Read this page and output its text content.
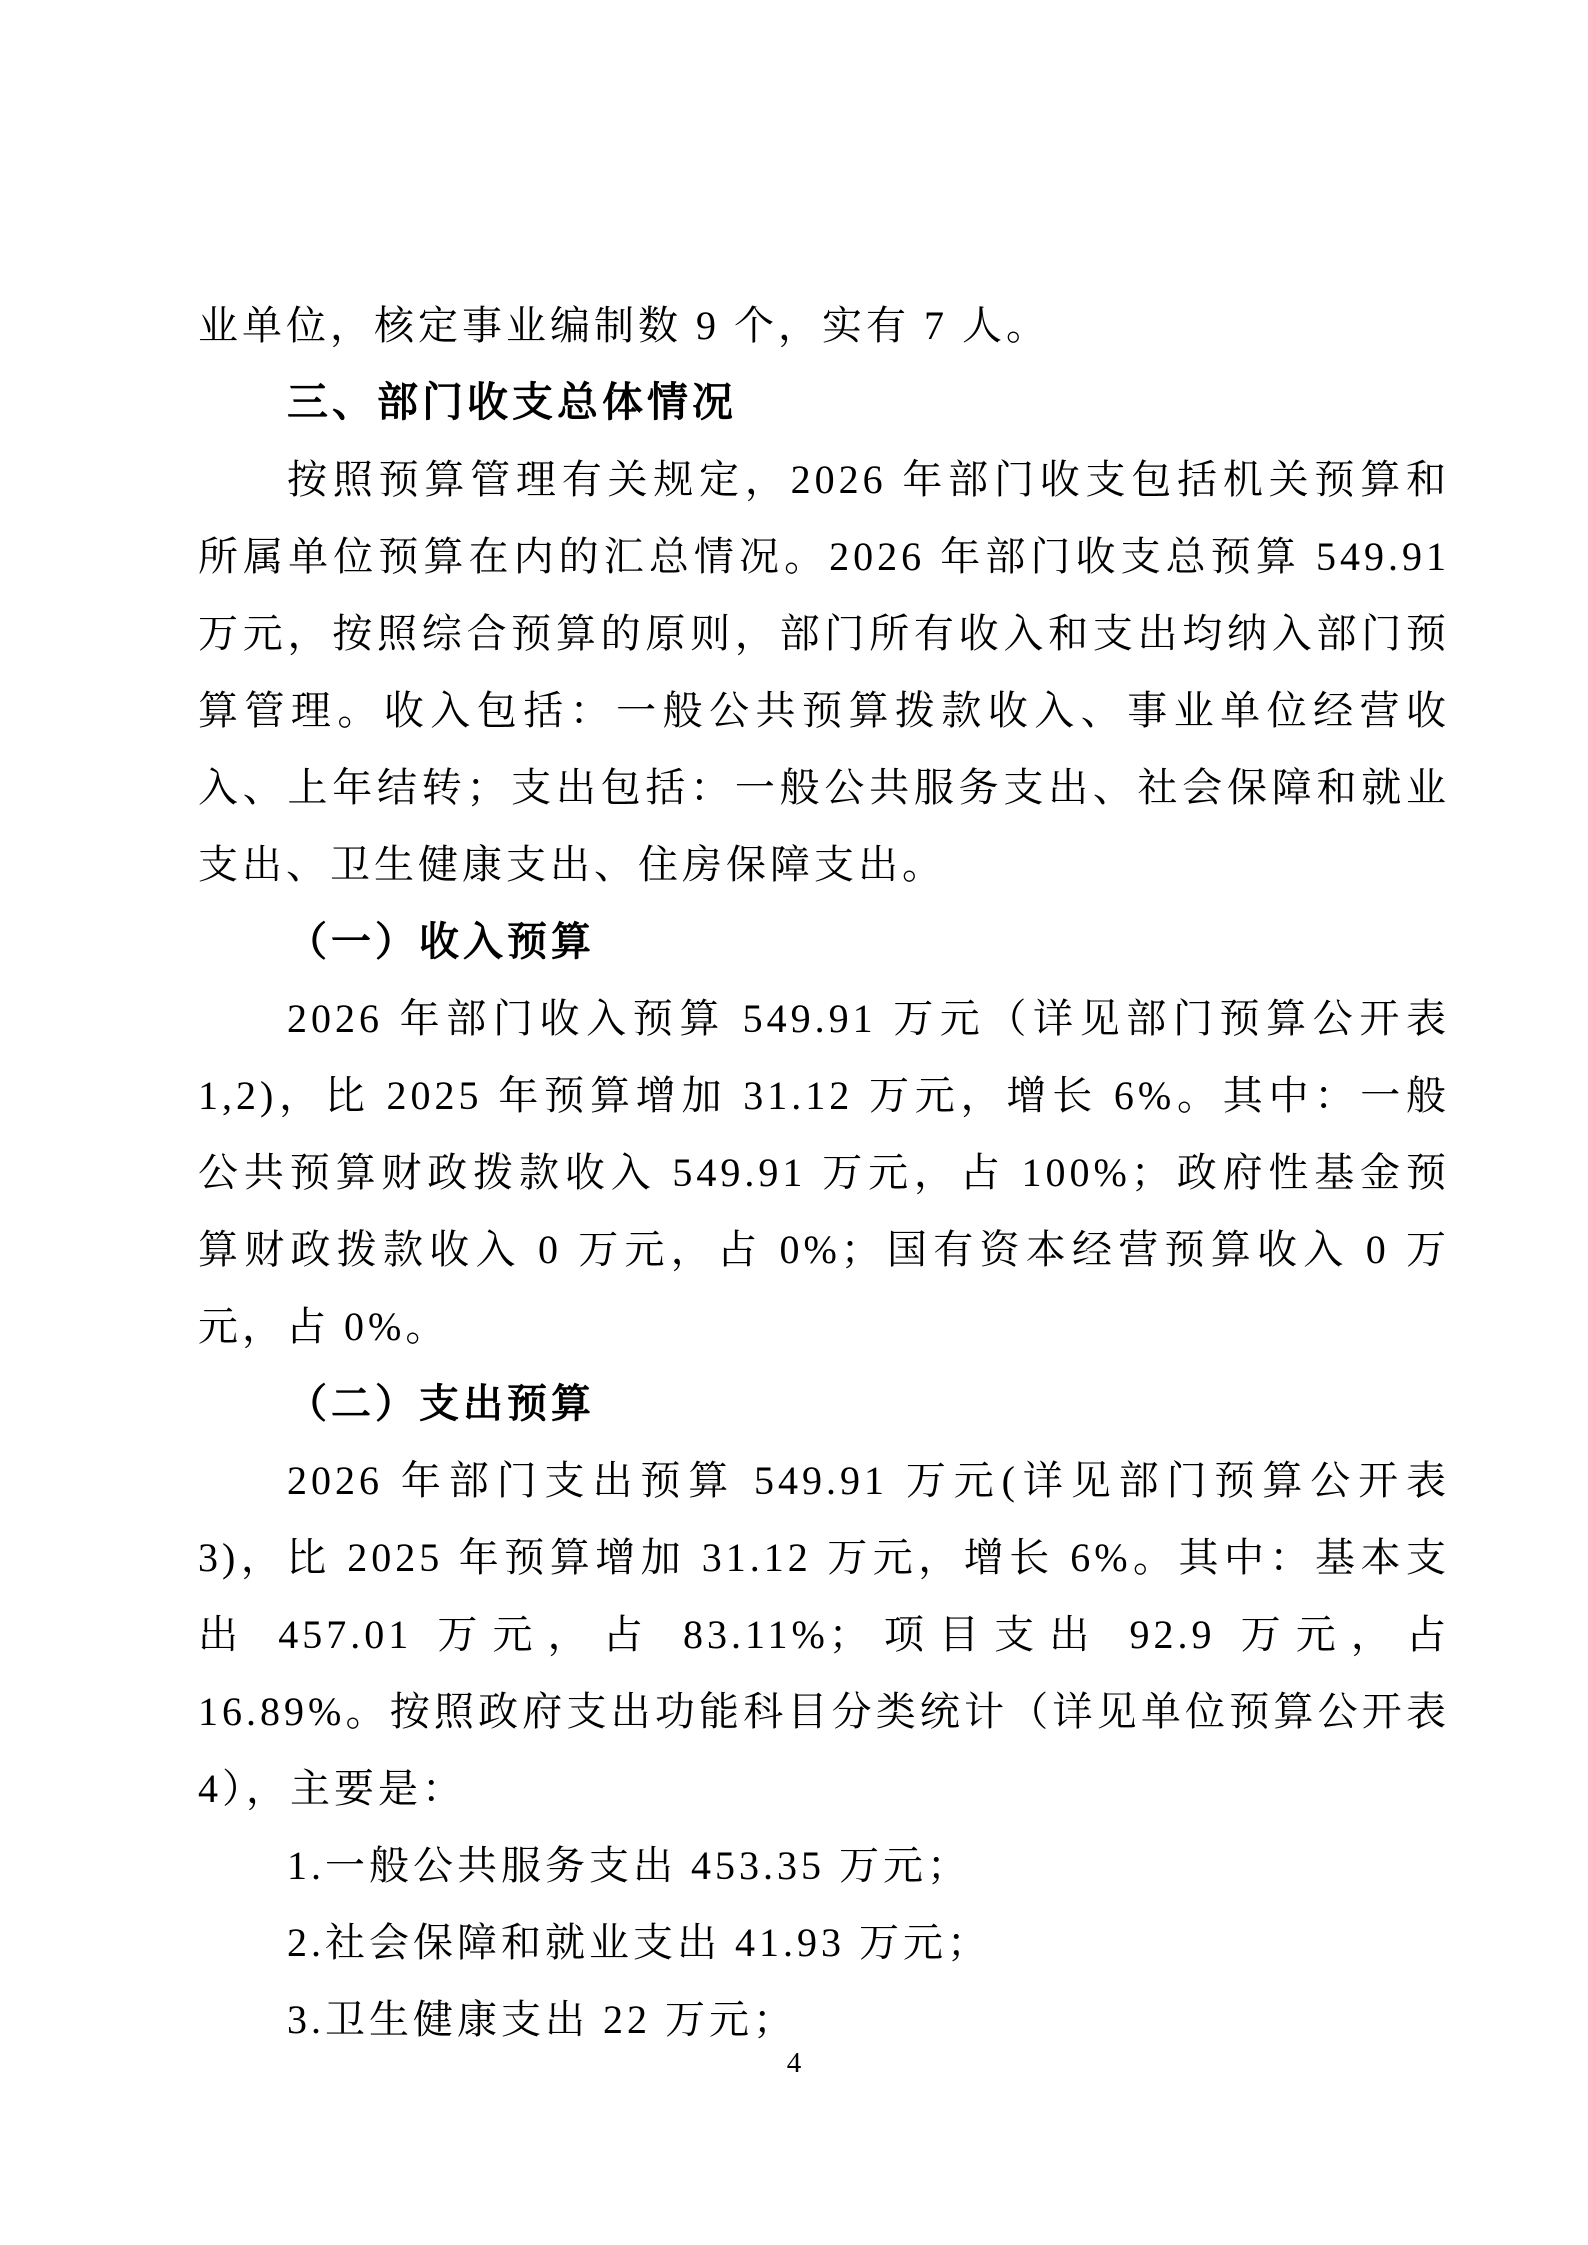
业单位，核定事业编制数 9 个，实有 7 人。

三、部门收支总体情况

按照预算管理有关规定，2026 年部门收支包括机关预算和所属单位预算在内的汇总情况。2026 年部门收支总预算 549.91 万元，按照综合预算的原则，部门所有收入和支出均纳入部门预算管理。收入包括：一般公共预算拨款收入、事业单位经营收入、上年结转；支出包括：一般公共服务支出、社会保障和就业支出、卫生健康支出、住房保障支出。

（一）收入预算

2026 年部门收入预算 549.91 万元（详见部门预算公开表 1,2)，比 2025 年预算增加 31.12 万元，增长 6%。其中：一般公共预算财政拨款收入 549.91 万元，占 100%；政府性基金预算财政拨款收入 0 万元，占 0%；国有资本经营预算收入 0 万元，占 0%。

（二）支出预算

2026 年部门支出预算 549.91 万元(详见部门预算公开表 3)，比 2025 年预算增加 31.12 万元，增长 6%。其中：基本支出 457.01 万元，占 83.11%；项目支出 92.9 万元，占 16.89%。按照政府支出功能科目分类统计（详见单位预算公开表 4），主要是：

1.一般公共服务支出 453.35 万元；

2.社会保障和就业支出 41.93 万元；

3.卫生健康支出 22 万元；

4
